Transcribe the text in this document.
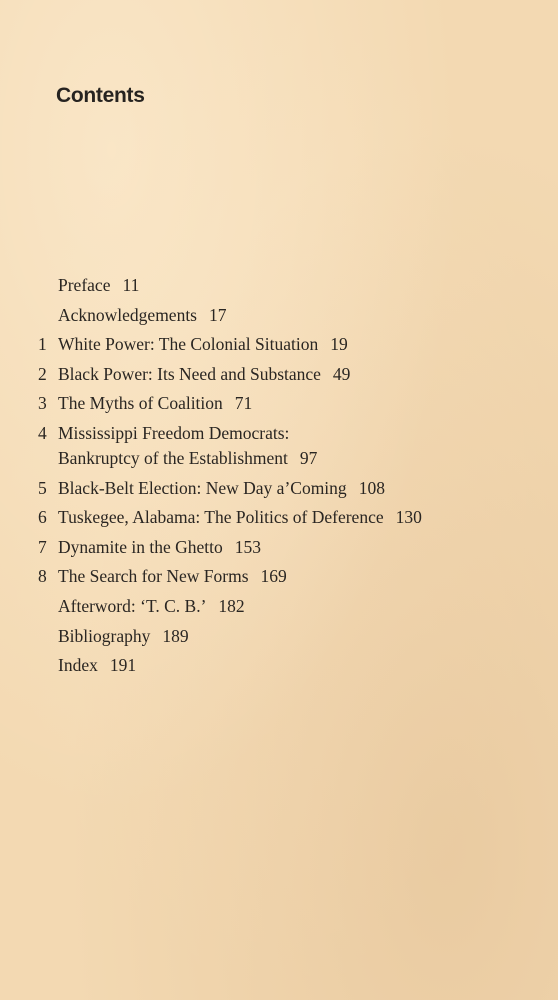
Contents
Preface 11
Acknowledgements 17
1 White Power: The Colonial Situation 19
2 Black Power: Its Need and Substance 49
3 The Myths of Coalition 71
4 Mississippi Freedom Democrats:
Bankruptcy of the Establishment 97
5 Black-Belt Election: New Day a’Coming 108
6 Tuskegee, Alabama: The Politics of Deference 130
7 Dynamite in the Ghetto 153
8 The Search for New Forms 169
Afterword: ‘T. C. B.’ 182
Bibliography 189
Index 191
